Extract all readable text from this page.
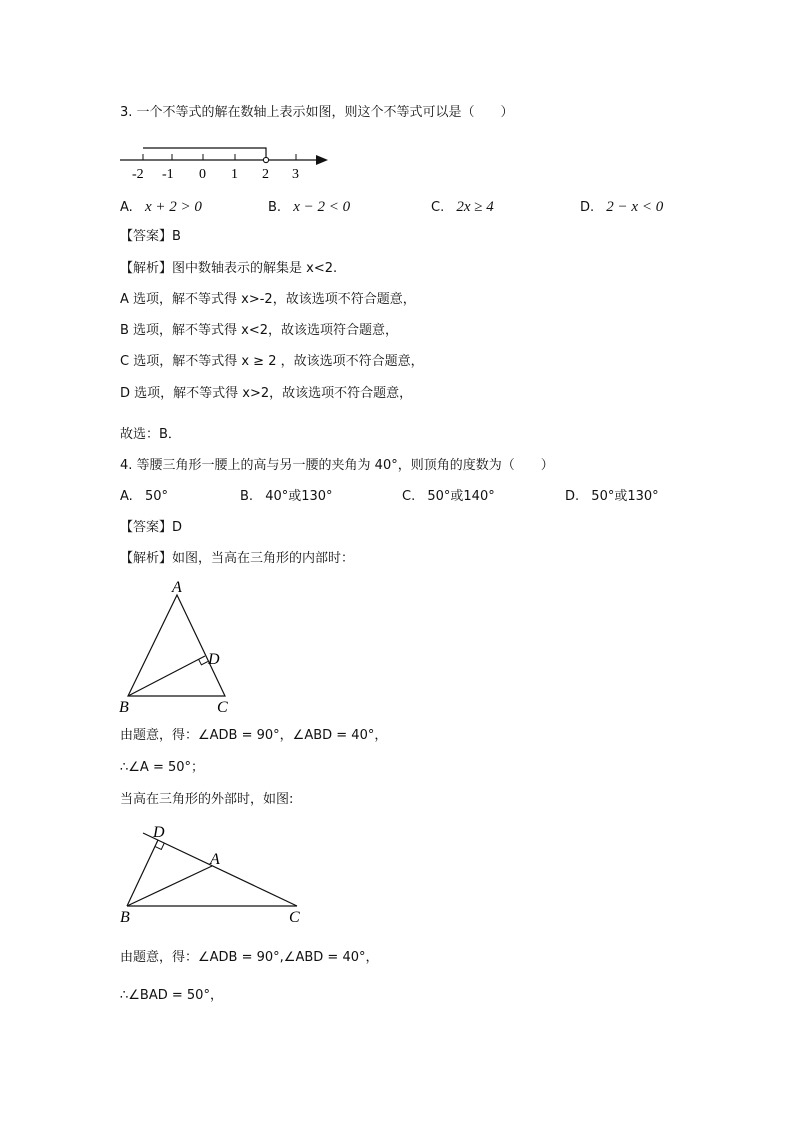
3. 一个不等式的解在数轴上表示如图，则这个不等式可以是（　　）
-2 -1 0 1 2 3
A. x + 2 > 0	B. x − 2 < 0	C. 2x ≥ 4	D. 2 − x < 0
【答案】B
【解析】图中数轴表示的解集是 x<2.
A 选项，解不等式得 x>-2，故该选项不符合题意，
B 选项，解不等式得 x<2，故该选项符合题意，
C 选项，解不等式得 x ≥ 2 ，故该选项不符合题意，
D 选项，解不等式得 x>2，故该选项不符合题意，
故选：B．
4. 等腰三角形一腰上的高与另一腰的夹角为 40°，则顶角的度数为（　　）
A. 50°	B. 40°或130°	C. 50°或140°	D. 50°或130°
【答案】D
【解析】如图，当高在三角形的内部时：
A
D
B	C
由题意，得：∠ADB = 90°，∠ABD = 40°，
∴∠A = 50°；
当高在三角形的外部时，如图:
D
A
B	C
由题意，得：∠ADB = 90°,∠ABD = 40°，
∴∠BAD = 50°，
